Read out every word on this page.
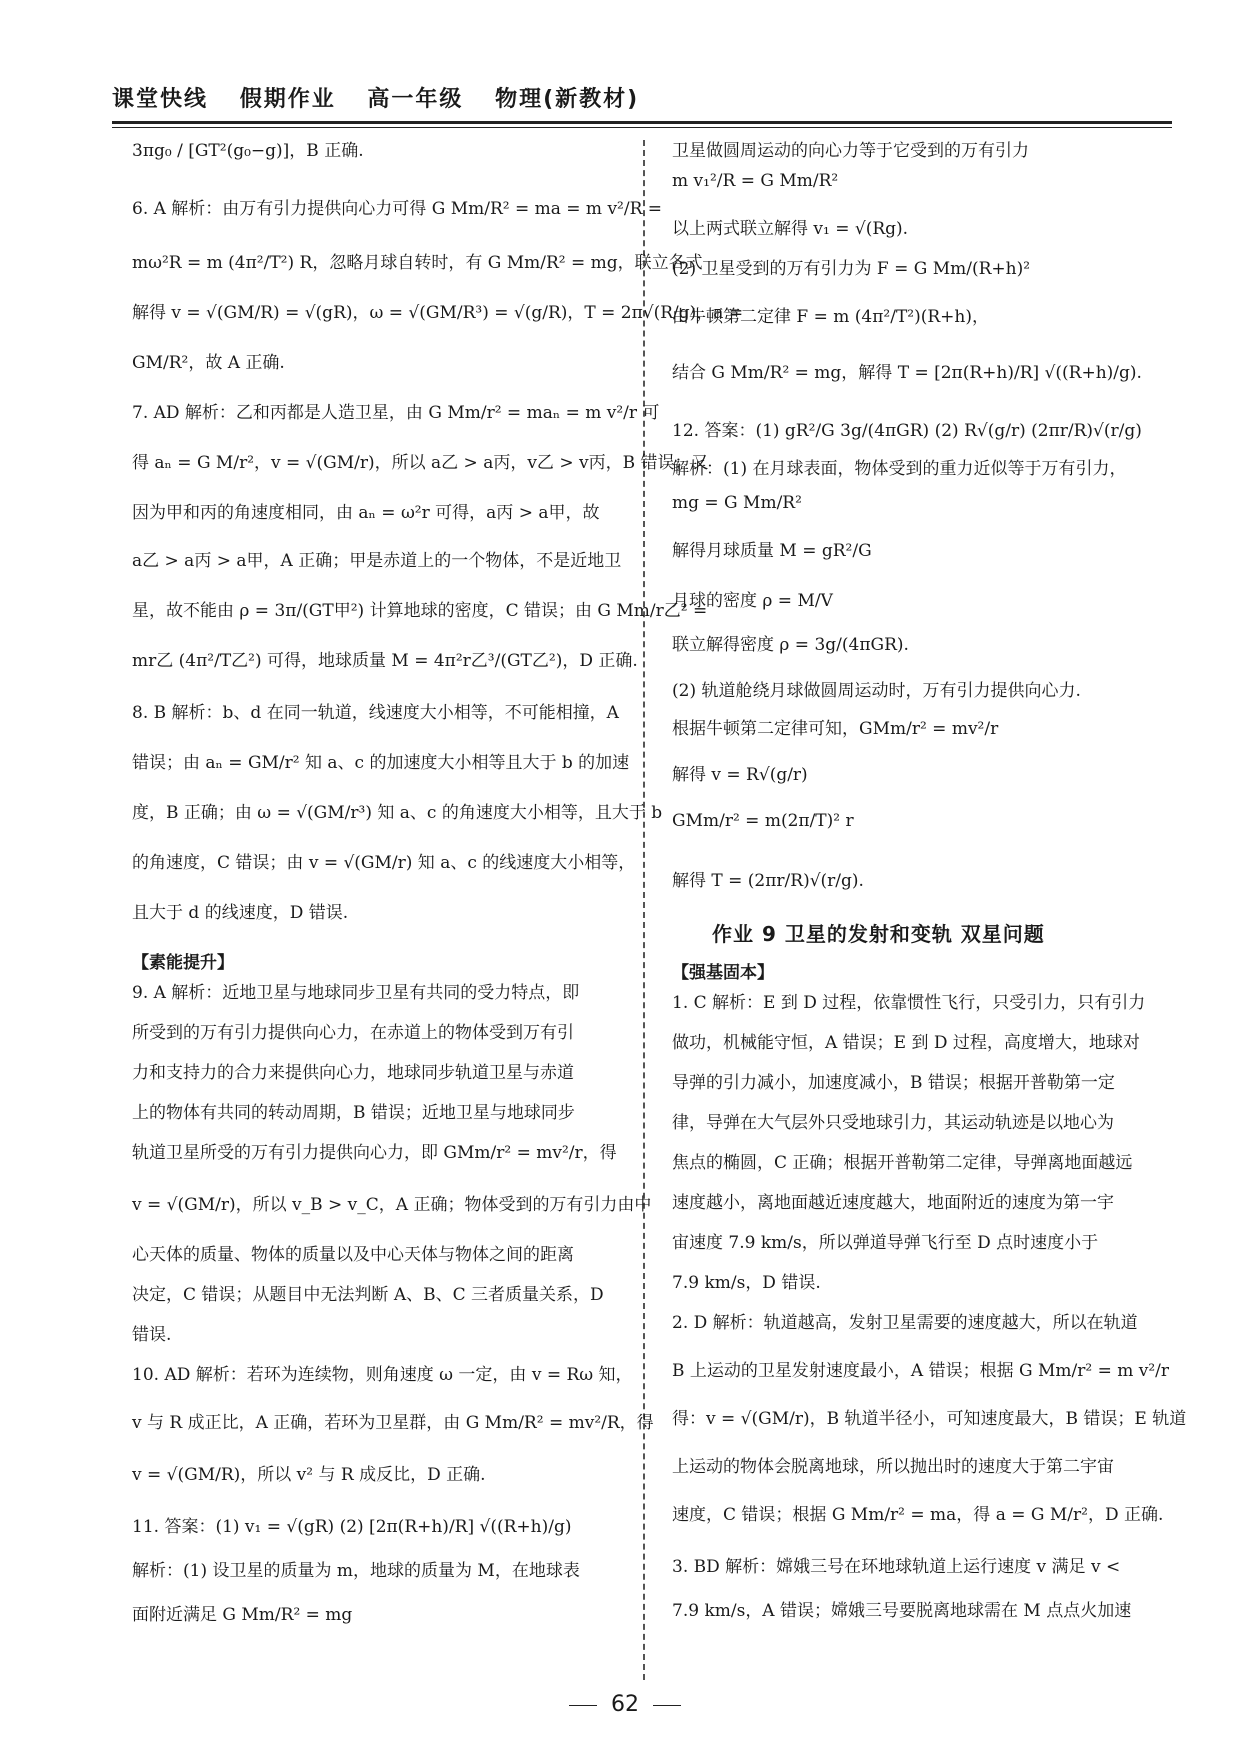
课堂快线 假期作业 高一年级 物理(新教材)
3πg₀ / [GT²(g₀−g)]，B 正确.
6. A 解析：由万有引力提供向心力可得 G Mm/R² = ma = m v²/R =
mω²R = m (4π²/T²) R，忽略月球自转时，有 G Mm/R² = mg，联立各式
解得 v = √(GM/R) = √(gR)，ω = √(GM/R³) = √(g/R)，T = 2π√(R/g)，a =
GM/R²，故 A 正确.
7. AD 解析：乙和丙都是人造卫星，由 G Mm/r² = maₙ = m v²/r 可
得 aₙ = G M/r²，v = √(GM/r)，所以 a乙 > a丙，v乙 > v丙，B 错误；又
因为甲和丙的角速度相同，由 aₙ = ω²r 可得，a丙 > a甲，故
a乙 > a丙 > a甲，A 正确；甲是赤道上的一个物体，不是近地卫
星，故不能由 ρ = 3π/(GT甲²) 计算地球的密度，C 错误；由 G Mm/r乙² =
mr乙 (4π²/T乙²) 可得，地球质量 M = 4π²r乙³/(GT乙²)，D 正确.
8. B 解析：b、d 在同一轨道，线速度大小相等，不可能相撞，A
错误；由 aₙ = GM/r² 知 a、c 的加速度大小相等且大于 b 的加速
度，B 正确；由 ω = √(GM/r³) 知 a、c 的角速度大小相等，且大于 b
的角速度，C 错误；由 v = √(GM/r) 知 a、c 的线速度大小相等，
且大于 d 的线速度，D 错误.
【素能提升】
9. A 解析：近地卫星与地球同步卫星有共同的受力特点，即
所受到的万有引力提供向心力，在赤道上的物体受到万有引
力和支持力的合力来提供向心力，地球同步轨道卫星与赤道
上的物体有共同的转动周期，B 错误；近地卫星与地球同步
轨道卫星所受的万有引力提供向心力，即 GMm/r² = mv²/r，得
v = √(GM/r)，所以 v_B > v_C，A 正确；物体受到的万有引力由中
心天体的质量、物体的质量以及中心天体与物体之间的距离
决定，C 错误；从题目中无法判断 A、B、C 三者质量关系，D
错误.
10. AD 解析：若环为连续物，则角速度 ω 一定，由 v = Rω 知，
v 与 R 成正比，A 正确，若环为卫星群，由 G Mm/R² = mv²/R，得
v = √(GM/R)，所以 v² 与 R 成反比，D 正确.
11. 答案：(1) v₁ = √(gR) (2) [2π(R+h)/R] √((R+h)/g)
解析：(1) 设卫星的质量为 m，地球的质量为 M，在地球表
面附近满足 G Mm/R² = mg
卫星做圆周运动的向心力等于它受到的万有引力
m v₁²/R = G Mm/R²
以上两式联立解得 v₁ = √(Rg).
(2) 卫星受到的万有引力为 F = G Mm/(R+h)²
由牛顿第二定律 F = m (4π²/T²)(R+h)，
结合 G Mm/R² = mg，解得 T = [2π(R+h)/R] √((R+h)/g).
12. 答案：(1) gR²/G 3g/(4πGR) (2) R√(g/r) (2πr/R)√(r/g)
解析：(1) 在月球表面，物体受到的重力近似等于万有引力，
mg = G Mm/R²
解得月球质量 M = gR²/G
月球的密度 ρ = M/V
联立解得密度 ρ = 3g/(4πGR).
(2) 轨道舱绕月球做圆周运动时，万有引力提供向心力.
根据牛顿第二定律可知，GMm/r² = mv²/r
解得 v = R√(g/r)
GMm/r² = m(2π/T)² r
解得 T = (2πr/R)√(r/g).
作业 9 卫星的发射和变轨 双星问题
【强基固本】
1. C 解析：E 到 D 过程，依靠惯性飞行，只受引力，只有引力
做功，机械能守恒，A 错误；E 到 D 过程，高度增大，地球对
导弹的引力减小，加速度减小，B 错误；根据开普勒第一定
律，导弹在大气层外只受地球引力，其运动轨迹是以地心为
焦点的椭圆，C 正确；根据开普勒第二定律，导弹离地面越远
速度越小，离地面越近速度越大，地面附近的速度为第一宇
宙速度 7.9 km/s，所以弹道导弹飞行至 D 点时速度小于
7.9 km/s，D 错误.
2. D 解析：轨道越高，发射卫星需要的速度越大，所以在轨道
B 上运动的卫星发射速度最小，A 错误；根据 G Mm/r² = m v²/r
得：v = √(GM/r)，B 轨道半径小，可知速度最大，B 错误；E 轨道
上运动的物体会脱离地球，所以抛出时的速度大于第二宇宙
速度，C 错误；根据 G Mm/r² = ma，得 a = G M/r²，D 正确.
3. BD 解析：嫦娥三号在环地球轨道上运行速度 v 满足 v <
7.9 km/s，A 错误；嫦娥三号要脱离地球需在 M 点点火加速
62
